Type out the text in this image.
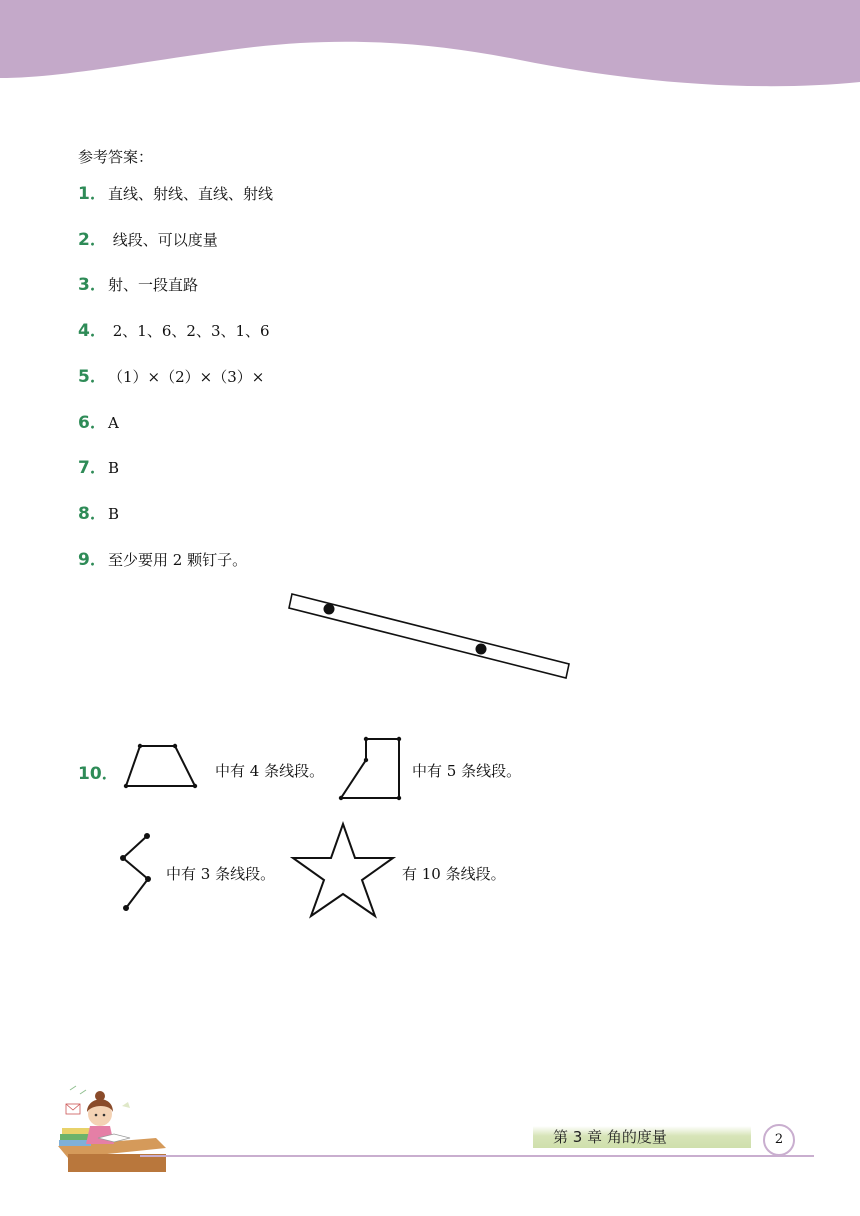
参考答案：
1． 直线、射线、直线、射线
2． 线段、可以度量
3． 射、一段直路
4． 2、1、6、2、3、1、6
5． （1）×（2）×（3）×
6． A
7． B
8． B
9． 至少要用 2 颗钉子。
10．	中有 4 条线段。	中有 5 条线段。
中有 3 条线段。	有 10 条线段。
第 3 章 角的度量	2
